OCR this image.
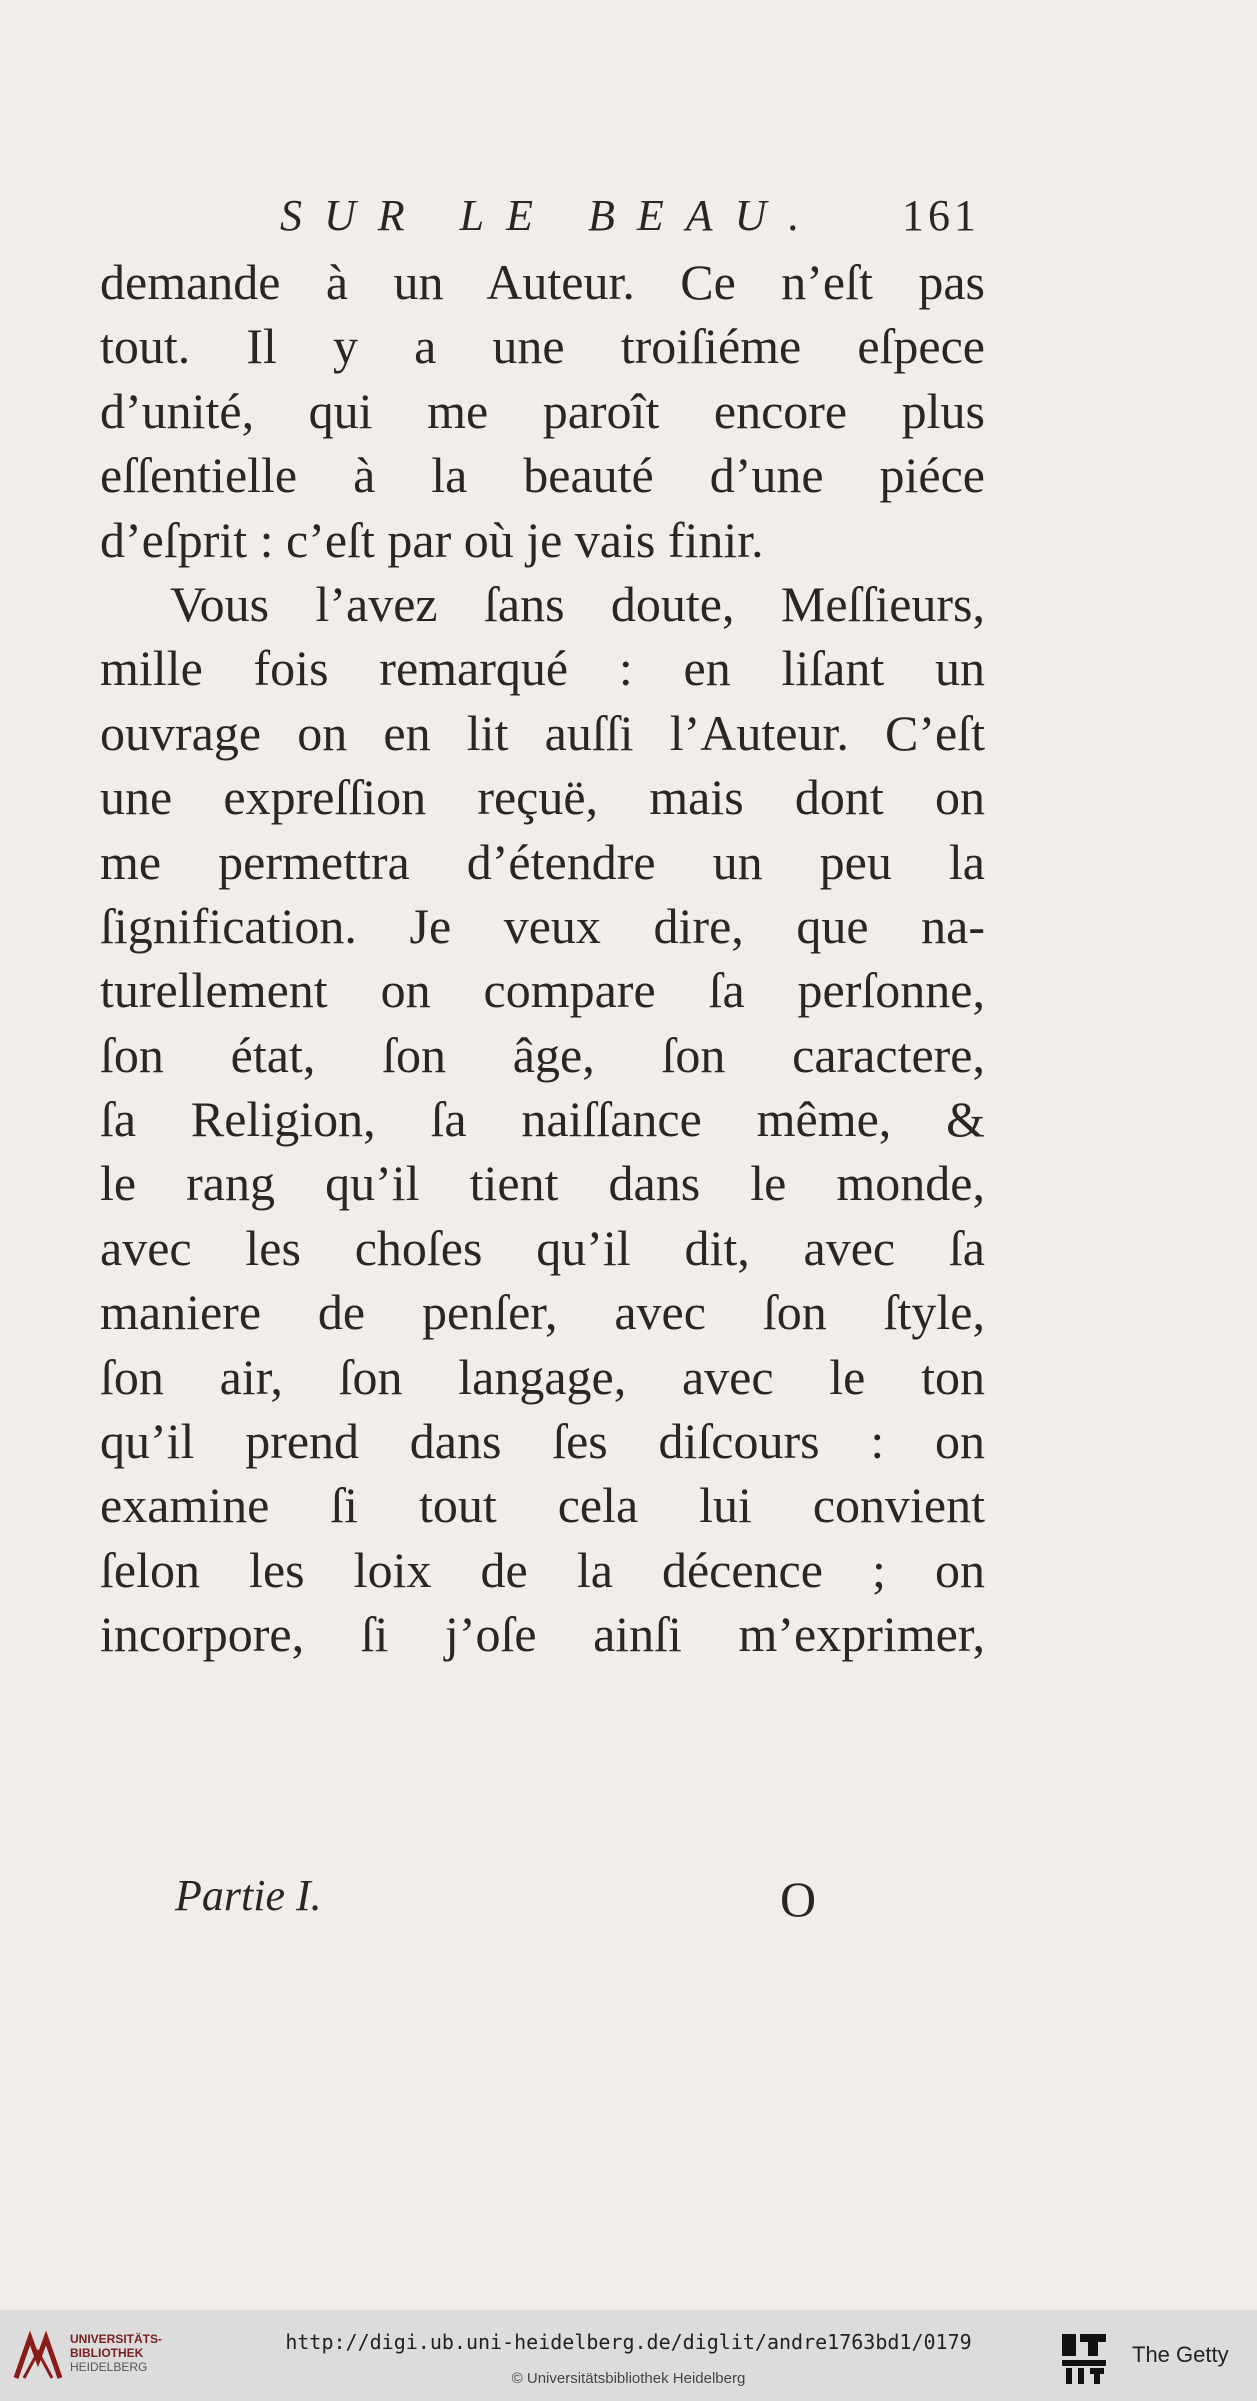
SUR LE BEAU. 161
demande à un Auteur. Ce n’eſt pas
tout. Il y a une troiſiéme eſpece
d’unité, qui me paroît encore plus
eſſentielle à la beauté d’une piéce
d’eſprit : c’eſt par où je vais finir.
Vous l’avez ſans doute, Meſſieurs,
mille fois remarqué : en liſant un
ouvrage on en lit auſſi l’Auteur. C’eſt
une expreſſion reçuë, mais dont on
me permettra d’étendre un peu la
ſignification. Je veux dire, que na-
turellement on compare ſa perſonne,
ſon état, ſon âge, ſon caractere,
ſa Religion, ſa naiſſance même, &
le rang qu’il tient dans le monde,
avec les choſes qu’il dit, avec ſa
maniere de penſer, avec ſon ſtyle,
ſon air, ſon langage, avec le ton
qu’il prend dans ſes diſcours : on
examine ſi tout cela lui convient
ſelon les loix de la décence ; on
incorpore, ſi j’oſe ainſi m’exprimer,
Partie I.	O
UNIVERSITÄTS-
BIBLIOTHEK
HEIDELBERG
http://digi.ub.uni-heidelberg.de/diglit/andre1763bd1/0179
© Universitätsbibliothek Heidelberg
The Getty
